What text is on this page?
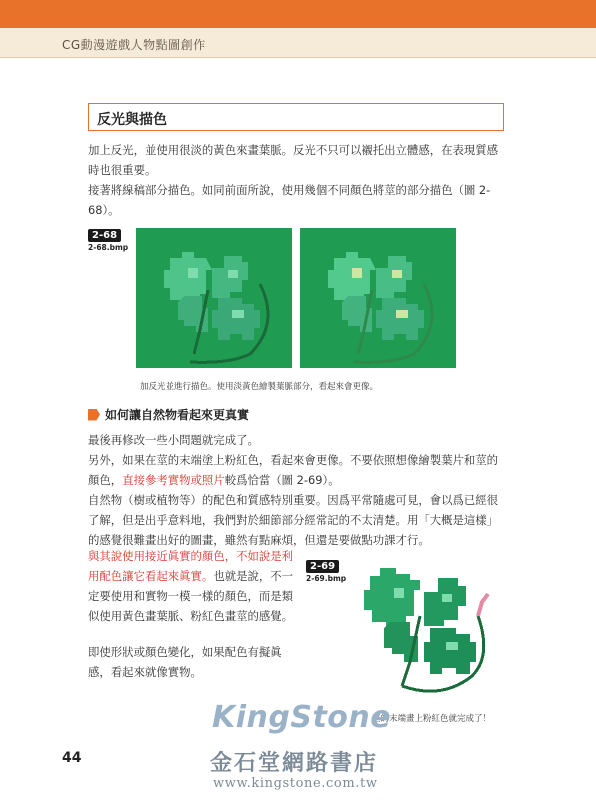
CG動漫遊戲人物點圖創作
反光與描色
加上反光，並使用很淡的黃色來畫葉脈。反光不只可以襯托出立體感，在表現質感時也很重要。
接著將線稿部分描色。如同前面所說，使用幾個不同顏色將莖的部分描色（圖 2-68）。
2-68
2-68.bmp
加反光並進行描色。使用淡黃色繪製葉脈部分，看起來會更像。
如何讓自然物看起來更真實
最後再修改一些小問題就完成了。
另外，如果在莖的末端塗上粉紅色，看起來會更像。不要依照想像繪製葉片和莖的顏色，直接參考實物或照片較爲恰當（圖 2-69）。
自然物（樹或植物等）的配色和質感特別重要。因爲平常隨處可見，會以爲已經很了解，但是出乎意料地，我們對於細節部分經常記的不太清楚。用「大概是這樣」的感覺很難畫出好的圖畫，雖然有點麻煩，但還是要做點功課才行。
與其說使用接近眞實的顏色，不如說是利用配色讓它看起來眞實。也就是說，不一定要使用和實物一模一樣的顏色，而是類似使用黃色畫葉脈、粉紅色畫莖的感覺。
即使形狀或顏色變化，如果配色有擬眞感，看起來就像實物。
2-69
2-69.bmp
莖的末端畫上粉紅色就完成了！
44
KingStone
金石堂網路書店
www.kingstone.com.tw
